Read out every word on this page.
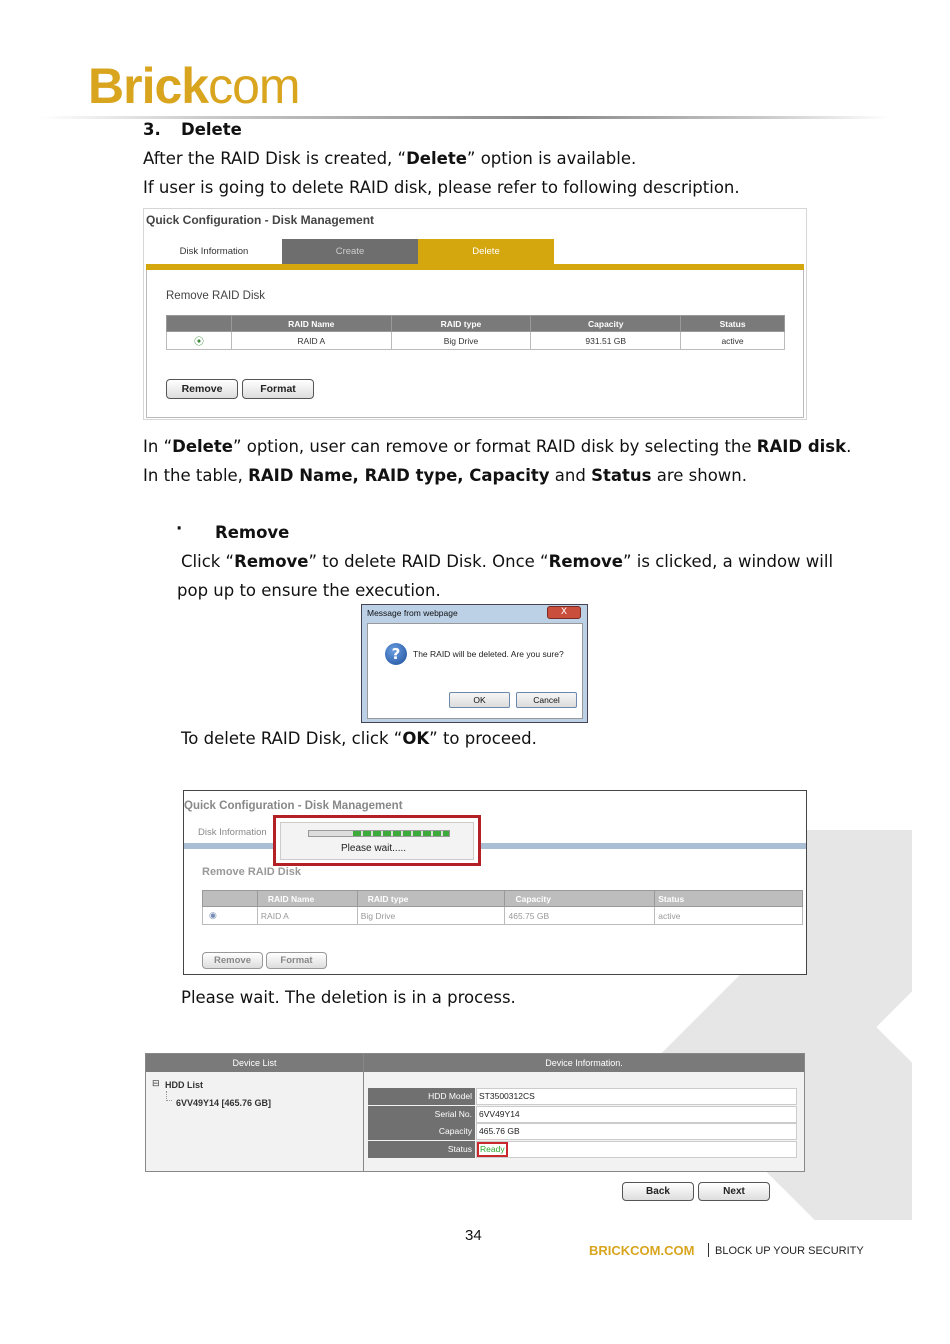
Brickcom
3. Delete
After the RAID Disk is created, “Delete” option is available.
If user is going to delete RAID disk, please refer to following description.
Quick Configuration - Disk Management
Disk Information	Create	Delete
Remove RAID Disk
	RAID Name	RAID type	Capacity	Status
⦿	RAID A	Big Drive	931.51 GB	active
Remove	Format
In “Delete” option, user can remove or format RAID disk by selecting the RAID disk.
In the table, RAID Name, RAID type, Capacity and Status are shown.
· Remove
Click “Remove” to delete RAID Disk. Once “Remove” is clicked, a window will
pop up to ensure the execution.
Message from webpage	X
?	The RAID will be deleted. Are you sure?
OK	Cancel
To delete RAID Disk, click “OK” to proceed.
Quick Configuration - Disk Management
Disk Information
Remove RAID Disk
	RAID Name	RAID type	Capacity	Status
◉	RAID A	Big Drive	465.75 GB	active
Remove	Format
Please wait.....
Please wait. The deletion is in a process.
Device List
⊟ HDD List
6VV49Y14 [465.76 GB]
Device Information.
HDD Model ST3500312CS
Serial No. 6VV49Y14
Capacity 465.76 GB
Status Ready
Back	Next
34
BRICKCOM.COM BLOCK UP YOUR SECURITY
